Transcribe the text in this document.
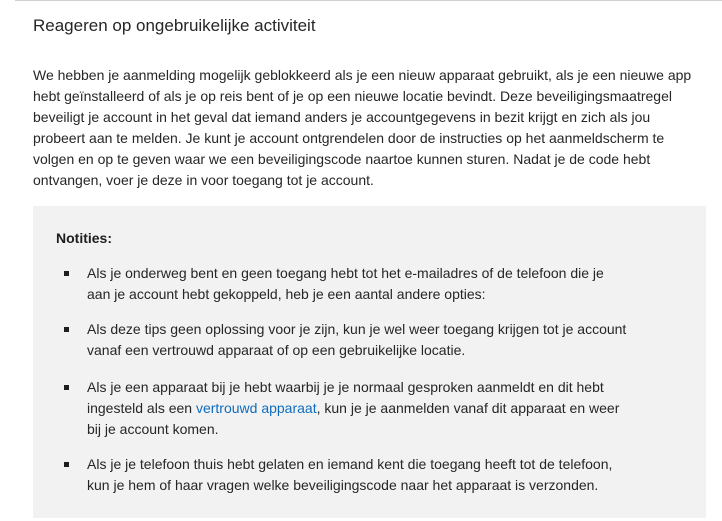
Reageren op ongebruikelijke activiteit

We hebben je aanmelding mogelijk geblokkeerd als je een nieuw apparaat gebruikt, als je een nieuwe app
hebt geïnstalleerd of als je op reis bent of je op een nieuwe locatie bevindt. Deze beveiligingsmaatregel
beveiligt je account in het geval dat iemand anders je accountgegevens in bezit krijgt en zich als jou
probeert aan te melden. Je kunt je account ontgrendelen door de instructies op het aanmeldscherm te
volgen en op te geven waar we een beveiligingscode naartoe kunnen sturen. Nadat je de code hebt
ontvangen, voer je deze in voor toegang tot je account.

Notities:

Als je onderweg bent en geen toegang hebt tot het e-mailadres of de telefoon die je
aan je account hebt gekoppeld, heb je een aantal andere opties:
Als deze tips geen oplossing voor je zijn, kun je wel weer toegang krijgen tot je account
vanaf een vertrouwd apparaat of op een gebruikelijke locatie.
Als je een apparaat bij je hebt waarbij je je normaal gesproken aanmeldt en dit hebt
ingesteld als een vertrouwd apparaat, kun je je aanmelden vanaf dit apparaat en weer
bij je account komen.
Als je je telefoon thuis hebt gelaten en iemand kent die toegang heeft tot de telefoon,
kun je hem of haar vragen welke beveiligingscode naar het apparaat is verzonden.
